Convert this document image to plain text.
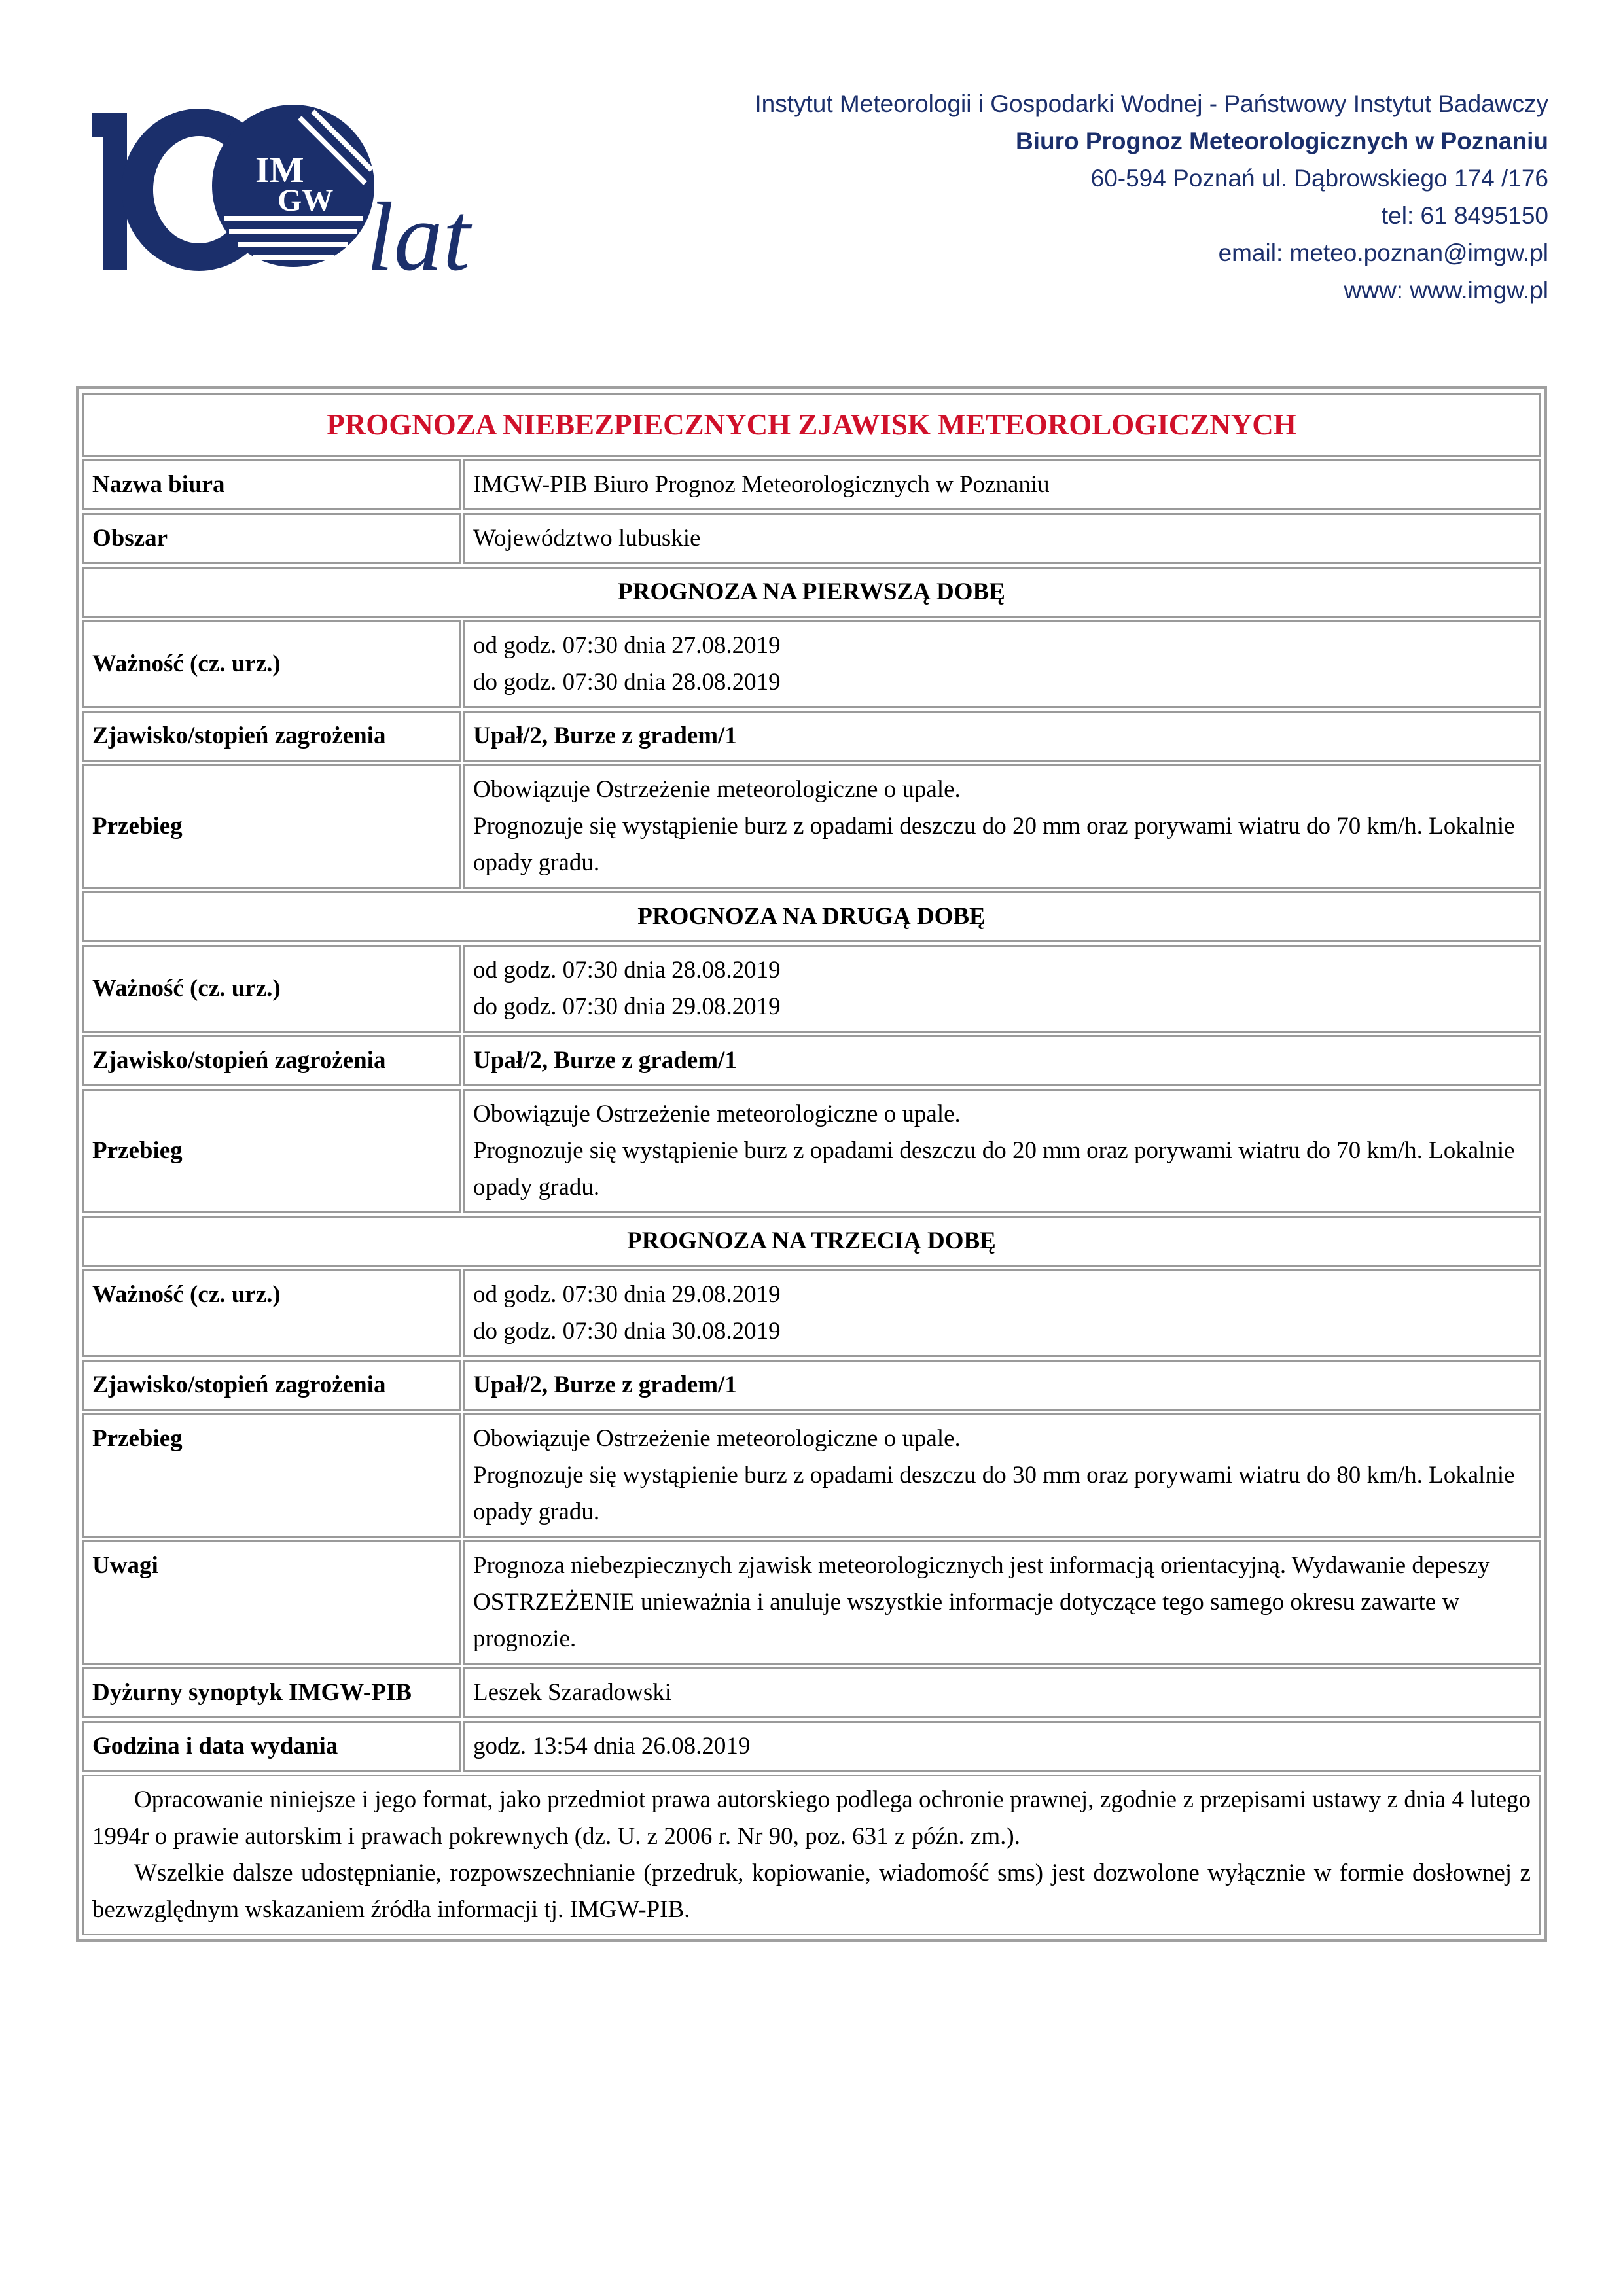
IM
GW lat
Instytut Meteorologii i Gospodarki Wodnej - Państwowy Instytut Badawczy
Biuro Prognoz Meteorologicznych w Poznaniu
60-594 Poznań ul. Dąbrowskiego 174 /176
tel: 61 8495150
email: meteo.poznan@imgw.pl
www: www.imgw.pl
PROGNOZA NIEBEZPIECZNYCH ZJAWISK METEOROLOGICZNYCH	
Nazwa biura	IMGW-PIB Biuro Prognoz Meteorologicznych w Poznaniu
Obszar	Województwo lubuskie
PROGNOZA NA PIERWSZĄ DOBĘ	
Ważność (cz. urz.)	od godz. 07:30 dnia 27.08.2019
do godz. 07:30 dnia 28.08.2019

Zjawisko/stopień zagrożenia	Upał/2, Burze z gradem/1
Przebieg	Obowiązuje Ostrzeżenie meteorologiczne o upale.
Prognozuje się wystąpienie burz z opadami deszczu do 20 mm oraz porywami wiatru do 70 km/h. Lokalnie opady gradu.

PROGNOZA NA DRUGĄ DOBĘ	
Ważność (cz. urz.)	od godz. 07:30 dnia 28.08.2019
do godz. 07:30 dnia 29.08.2019

Zjawisko/stopień zagrożenia	Upał/2, Burze z gradem/1
Przebieg	Obowiązuje Ostrzeżenie meteorologiczne o upale.
Prognozuje się wystąpienie burz z opadami deszczu do 20 mm oraz porywami wiatru do 70 km/h. Lokalnie opady gradu.

PROGNOZA NA TRZECIĄ DOBĘ	
Ważność (cz. urz.)	od godz. 07:30 dnia 29.08.2019
do godz. 07:30 dnia 30.08.2019

Zjawisko/stopień zagrożenia	Upał/2, Burze z gradem/1
Przebieg	Obowiązuje Ostrzeżenie meteorologiczne o upale.
Prognozuje się wystąpienie burz z opadami deszczu do 30 mm oraz porywami wiatru do 80 km/h. Lokalnie opady gradu.

Uwagi	Prognoza niebezpiecznych zjawisk meteorologicznych jest informacją orientacyjną. Wydawanie depeszy OSTRZEŻENIE unieważnia i anuluje wszystkie informacje dotyczące tego samego okresu zawarte w prognozie.
Dyżurny synoptyk IMGW-PIB	Leszek Szaradowski
Godzina i data wydania	godz. 13:54 dnia 26.08.2019

Opracowanie niniejsze i jego format, jako przedmiot prawa autorskiego podlega ochronie prawnej, zgodnie z przepisami ustawy z dnia 4 lutego 1994r o prawie autorskim i prawach pokrewnych (dz. U. z 2006 r. Nr 90, poz. 631 z późn. zm.).

Wszelkie dalsze udostępnianie, rozpowszechnianie (przedruk, kopiowanie, wiadomość sms) jest dozwolone wyłącznie w formie dosłownej z bezwzględnym wskazaniem źródła informacji tj. IMGW-PIB.	
